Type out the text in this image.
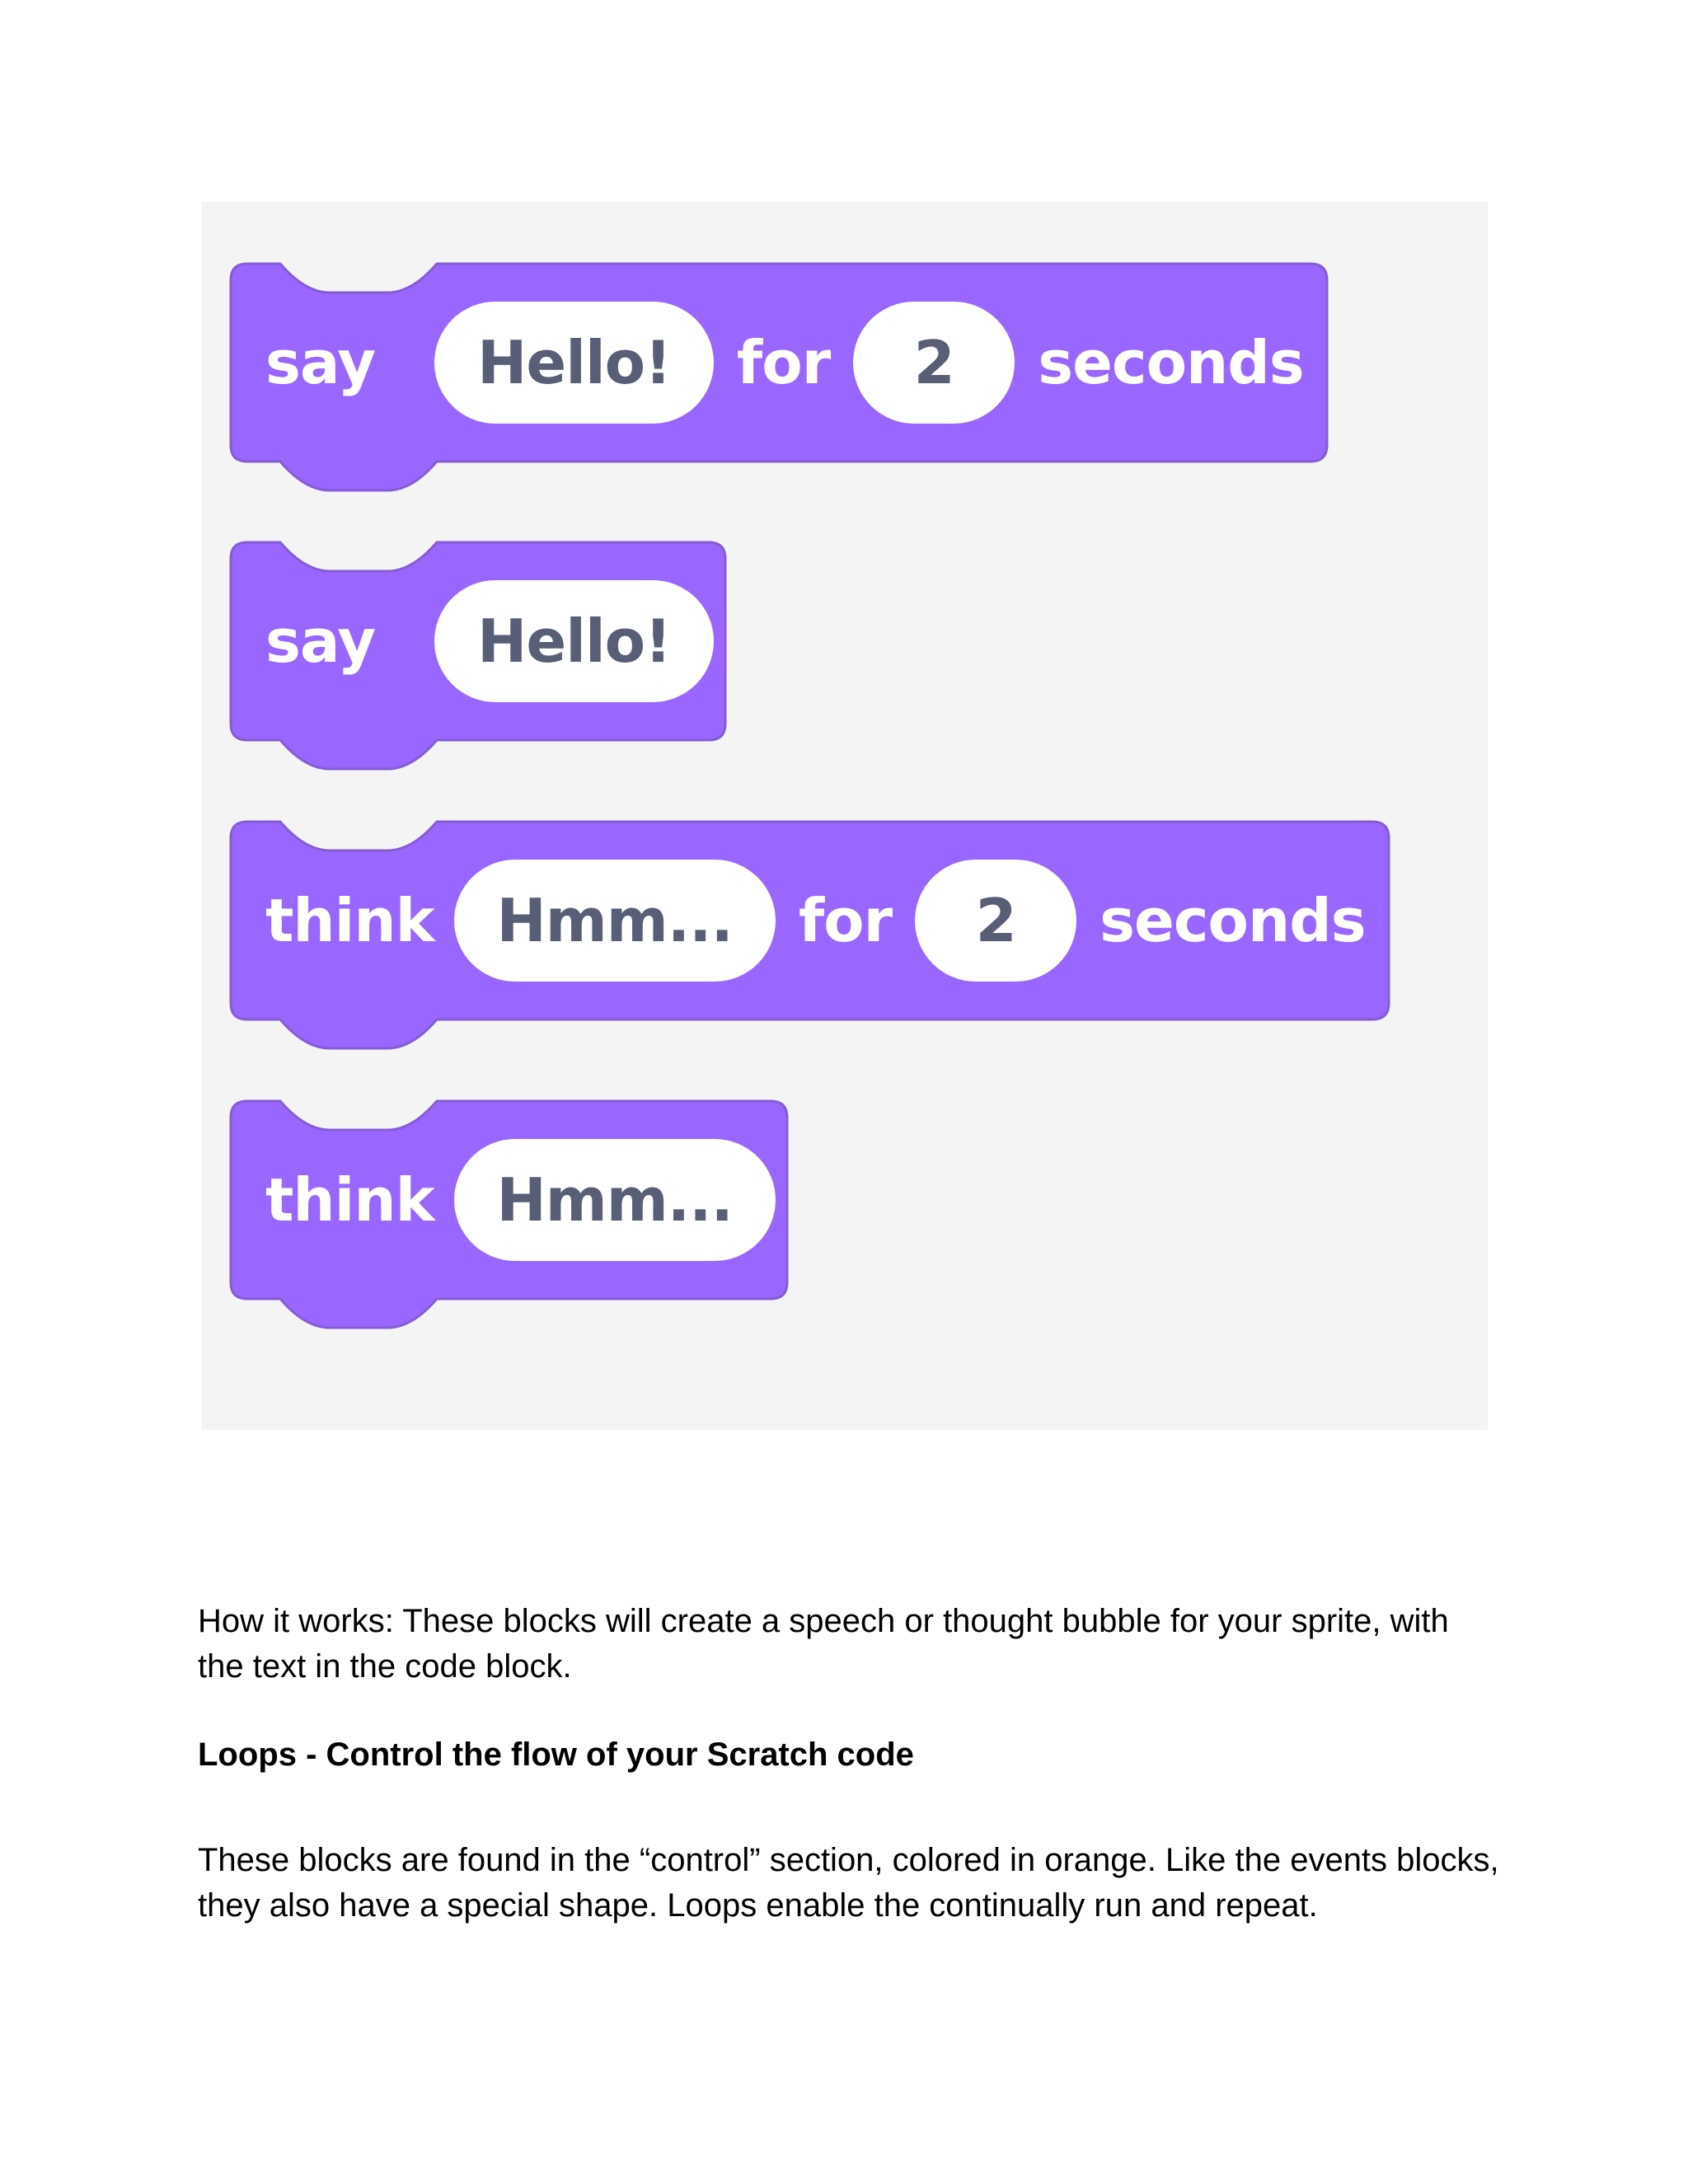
say	Hello!	for	2	seconds
say	Hello!
think	Hmm...	for	2	seconds
think	Hmm...

How it works: These blocks will create a speech or thought bubble for your sprite, with the text in the code block.

Loops - Control the flow of your Scratch code

These blocks are found in the “control” section, colored in orange. Like the events blocks, they also have a special shape. Loops enable the continually run and repeat.
